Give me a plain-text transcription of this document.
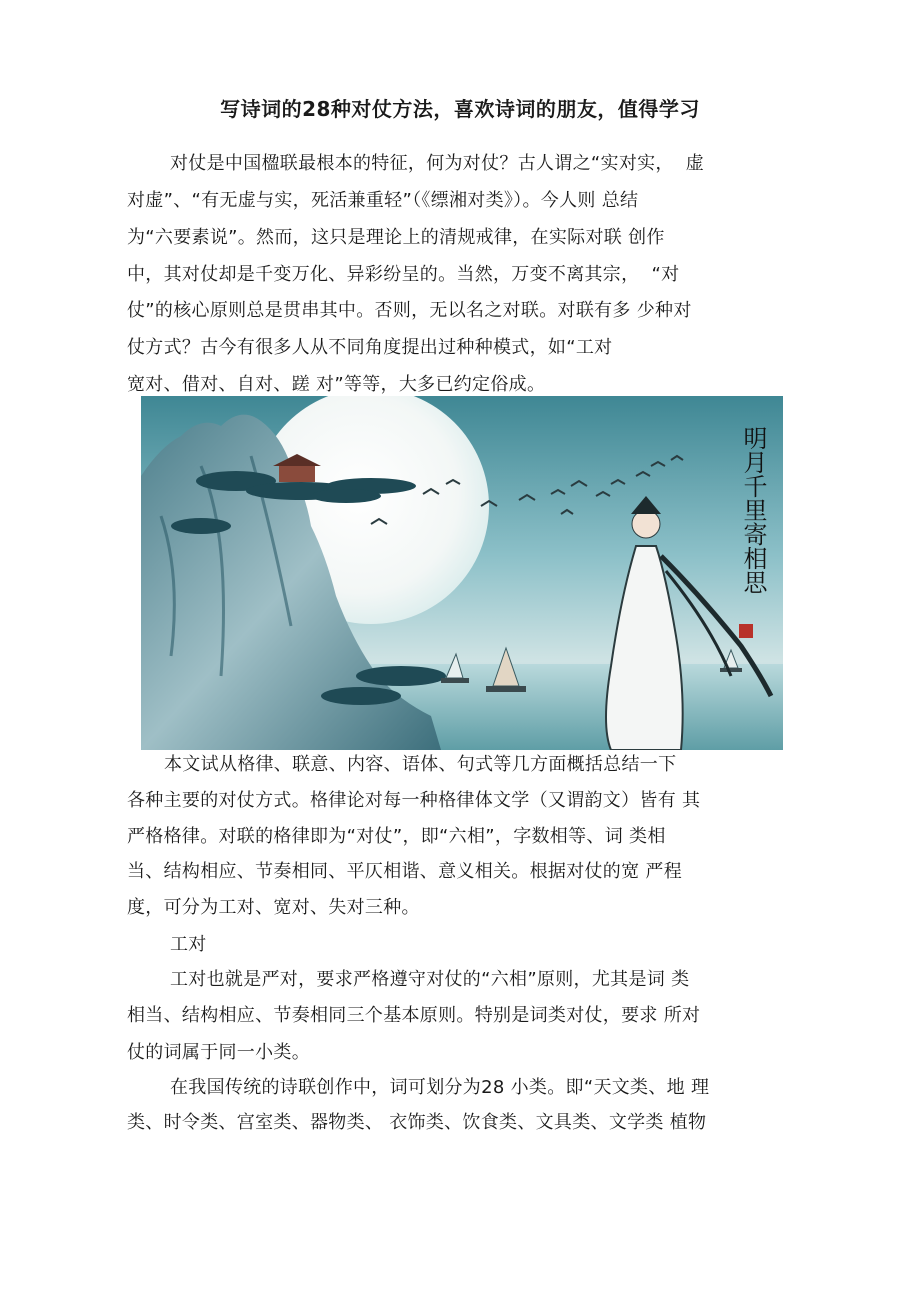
写诗词的28种对仗方法，喜欢诗词的朋友，值得学习
对仗是中国楹联最根本的特征，何为对仗？古人谓之“实对实，  虚
对虚”、“有无虚与实，死活兼重轻”（《缥湘对类》）。今人则 总结
为“六要素说”。然而，这只是理论上的清规戒律，在实际对联 创作
中，其对仗却是千变万化、异彩纷呈的。当然，万变不离其宗，  “对
仗”的核心原则总是贯串其中。否则，无以名之对联。对联有多 少种对
仗方式？古今有很多人从不同角度提出过种种模式，如“工对
宽对、借对、自对、蹉 对”等等，大多已约定俗成。
明月千里寄相思
本文试从格律、联意、内容、语体、句式等几方面概括总结一下
各种主要的对仗方式。格律论对每一种格律体文学（又谓韵文）皆有 其
严格格律。对联的格律即为“对仗”，即“六相”，字数相等、词 类相
当、结构相应、节奏相同、平仄相谐、意义相关。根据对仗的宽 严程
度，可分为工对、宽对、失对三种。
工对
工对也就是严对，要求严格遵守对仗的“六相”原则，尤其是词 类
相当、结构相应、节奏相同三个基本原则。特别是词类对仗，要求 所对
仗的词属于同一小类。
在我国传统的诗联创作中，词可划分为28 小类。即“天文类、地 理
类、时令类、宫室类、器物类、 衣饰类、饮食类、文具类、文学类 植物
